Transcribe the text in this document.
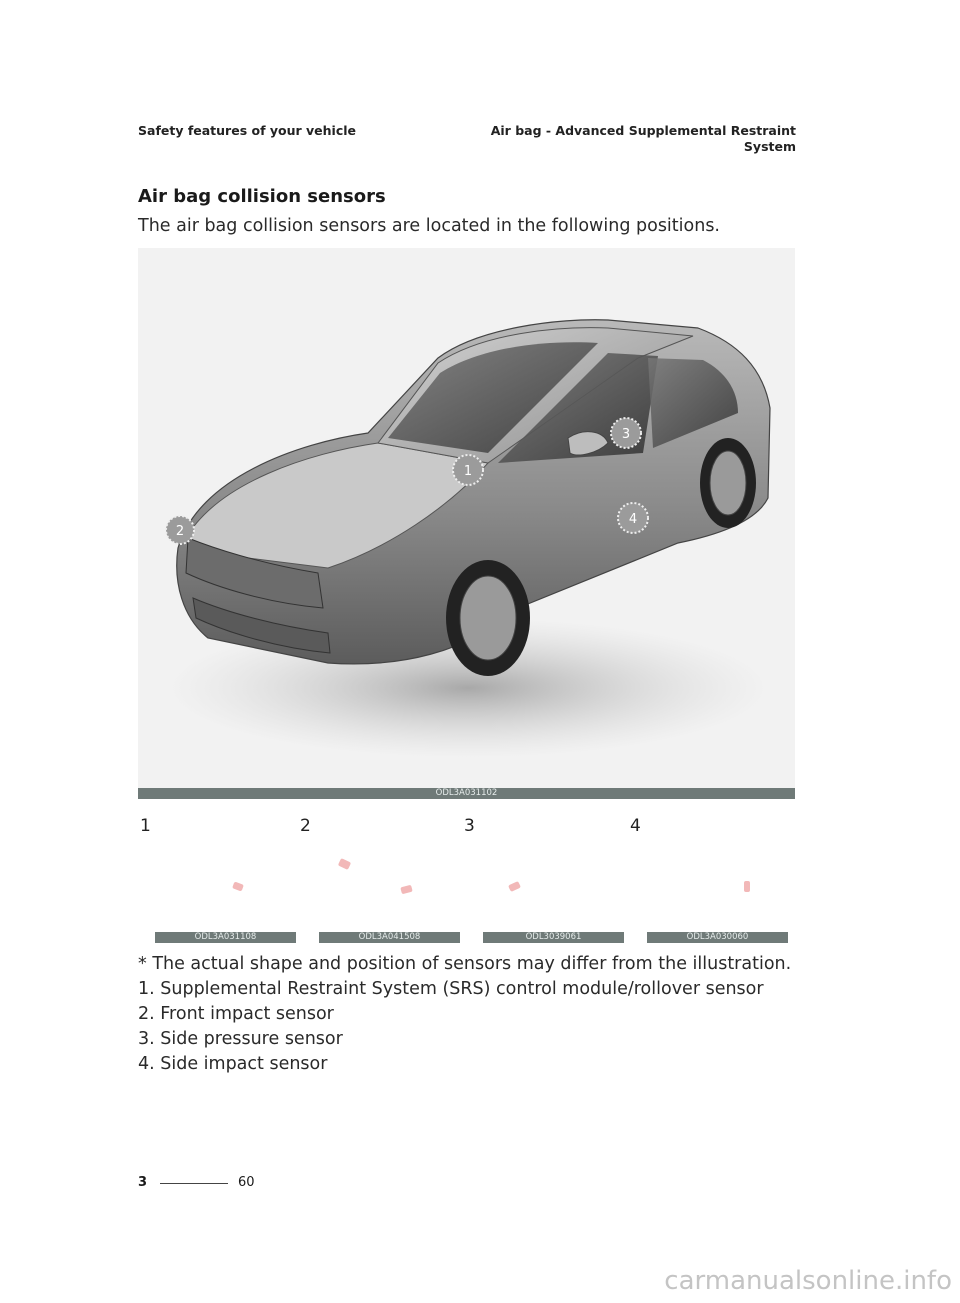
Safety features of your vehicle	Air bag - Advanced Supplemental Restraint
System
Air bag collision sensors
The air bag collision sensors are located in the following positions.
1
2
3
4
ODL3A031102
1	2	3	4
ODL3A031108	ODL3A041508	ODL3039061	ODL3A030060
* The actual shape and position of sensors may differ from the illustration.
1. Supplemental Restraint System (SRS) control module/rollover sensor
2. Front impact sensor
3. Side pressure sensor
4. Side impact sensor
3	60
carmanualsonline.info
